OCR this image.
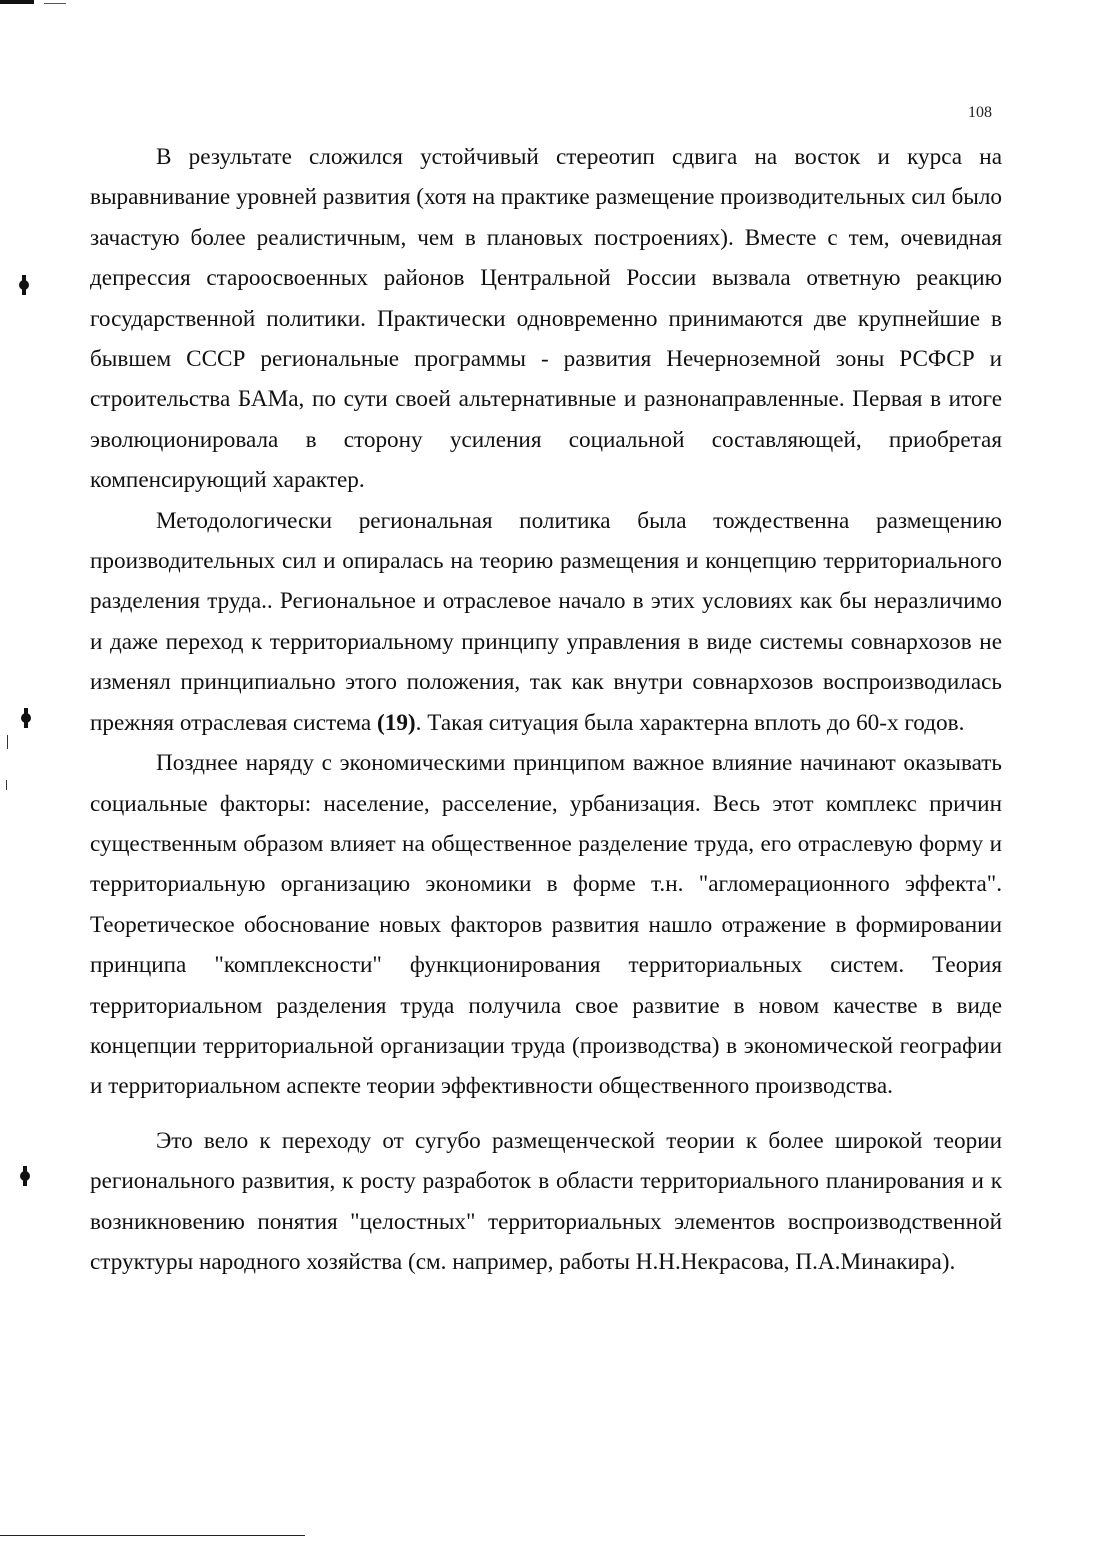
108

В результате сложился устойчивый стереотип сдвига на восток и курса на выравнивание уровней развития (хотя на практике размещение производительных сил было зачастую более реалистичным, чем в плановых построениях). Вместе с тем, очевидная депрессия староосвоенных районов Центральной России вызвала ответную реакцию государственной политики. Практически одновременно принимаются две крупнейшие в бывшем СССР региональные программы - развития Нечерноземной зоны РСФСР и строительства БАМа, по сути своей альтернативные и разнонаправленные. Первая в итоге эволюционировала в сторону усиления социальной составляющей, приобретая компенсирующий характер.

Методологически региональная политика была тождественна размещению производительных сил и опиралась на теорию размещения и концепцию территориального разделения труда.. Региональное и отраслевое начало в этих условиях как бы неразличимо и даже переход к территориальному принципу управления в виде системы совнархозов не изменял принципиально этого положения, так как внутри совнархозов воспроизводилась прежняя отраслевая система (19). Такая ситуация была характерна вплоть до 60-х годов.

Позднее наряду с экономическими принципом важное влияние начинают оказывать социальные факторы: население, расселение, урбанизация. Весь этот комплекс причин существенным образом влияет на общественное разделение труда, его отраслевую форму и территориальную организацию экономики в форме т.н. "агломерационного эффекта". Теоретическое обоснование новых факторов развития нашло отражение в формировании принципа "комплексности" функционирования территориальных систем. Теория территориальном разделения труда получила свое развитие в новом качестве в виде концепции территориальной организации труда (производства) в экономической географии и территориальном аспекте теории эффективности общественного производства.

Это вело к переходу от сугубо размещенческой теории к более широкой теории регионального развития, к росту разработок в области территориального планирования и к возникновению понятия "целостных" территориальных элементов воспроизводственной структуры народного хозяйства (см. например, работы Н.Н.Некрасова, П.А.Минакира).
